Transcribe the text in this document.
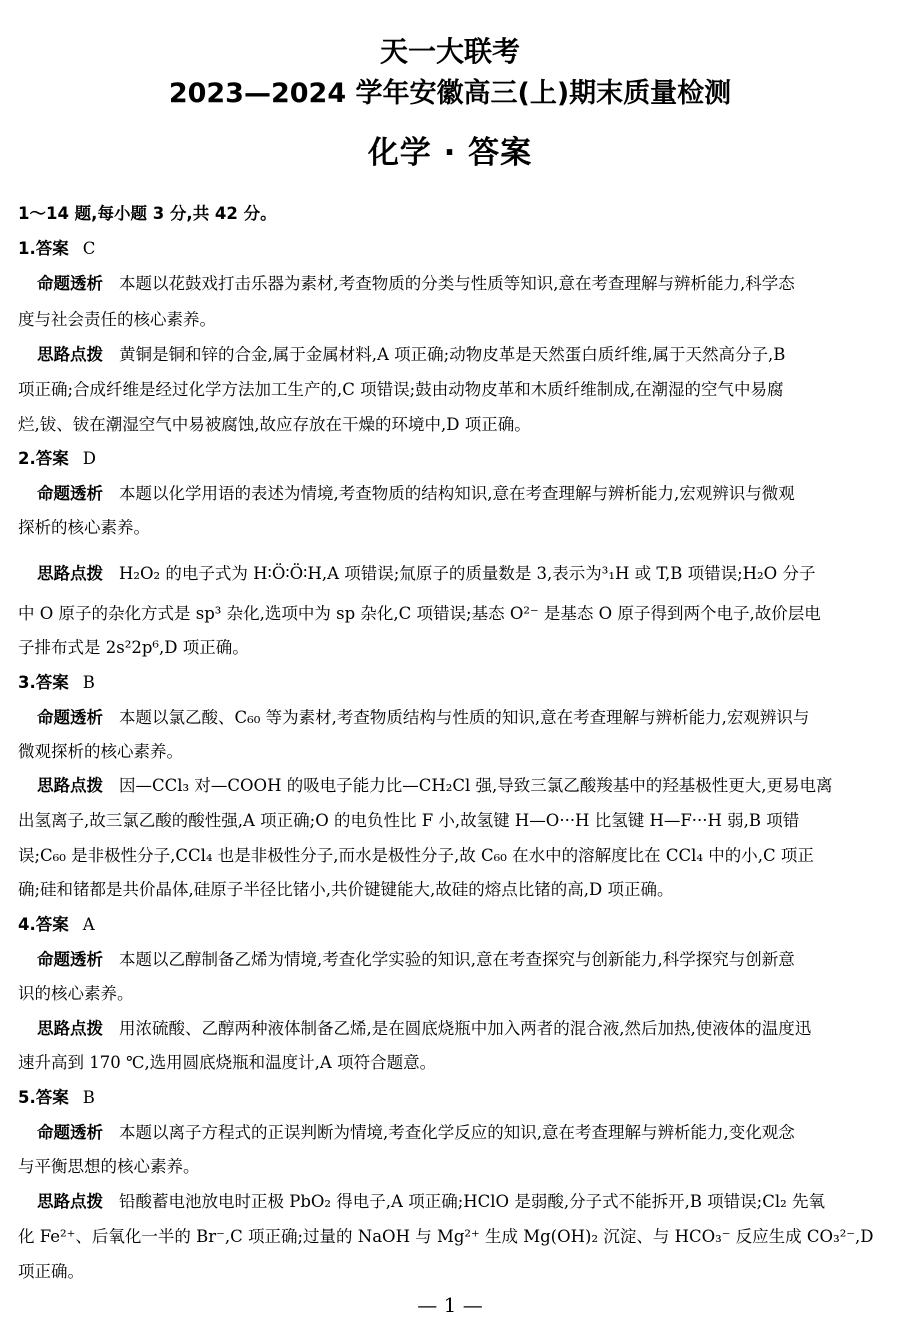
天一大联考
2023—2024 学年安徽高三(上)期末质量检测
化学 · 答案
1～14 题,每小题 3 分,共 42 分。
1.答案 C
命题透析 本题以花鼓戏打击乐器为素材,考查物质的分类与性质等知识,意在考查理解与辨析能力,科学态
度与社会责任的核心素养。
思路点拨 黄铜是铜和锌的合金,属于金属材料,A 项正确;动物皮革是天然蛋白质纤维,属于天然高分子,B
项正确;合成纤维是经过化学方法加工生产的,C 项错误;鼓由动物皮革和木质纤维制成,在潮湿的空气中易腐
烂,钹、钹在潮湿空气中易被腐蚀,故应存放在干燥的环境中,D 项正确。
2.答案 D
命题透析 本题以化学用语的表述为情境,考查物质的结构知识,意在考查理解与辨析能力,宏观辨识与微观
探析的核心素养。
思路点拨 H₂O₂ 的电子式为 H∶Ö∶Ö∶H,A 项错误;氚原子的质量数是 3,表示为³₁H 或 T,B 项错误;H₂O 分子
中 O 原子的杂化方式是 sp³ 杂化,选项中为 sp 杂化,C 项错误;基态 O²⁻ 是基态 O 原子得到两个电子,故价层电
子排布式是 2s²2p⁶,D 项正确。
3.答案 B
命题透析 本题以氯乙酸、C₆₀ 等为素材,考查物质结构与性质的知识,意在考查理解与辨析能力,宏观辨识与
微观探析的核心素养。
思路点拨 因—CCl₃ 对—COOH 的吸电子能力比—CH₂Cl 强,导致三氯乙酸羧基中的羟基极性更大,更易电离
出氢离子,故三氯乙酸的酸性强,A 项正确;O 的电负性比 F 小,故氢键 H—O···H 比氢键 H—F···H 弱,B 项错
误;C₆₀ 是非极性分子,CCl₄ 也是非极性分子,而水是极性分子,故 C₆₀ 在水中的溶解度比在 CCl₄ 中的小,C 项正
确;硅和锗都是共价晶体,硅原子半径比锗小,共价键键能大,故硅的熔点比锗的高,D 项正确。
4.答案 A
命题透析 本题以乙醇制备乙烯为情境,考查化学实验的知识,意在考查探究与创新能力,科学探究与创新意
识的核心素养。
思路点拨 用浓硫酸、乙醇两种液体制备乙烯,是在圆底烧瓶中加入两者的混合液,然后加热,使液体的温度迅
速升高到 170 ℃,选用圆底烧瓶和温度计,A 项符合题意。
5.答案 B
命题透析 本题以离子方程式的正误判断为情境,考查化学反应的知识,意在考查理解与辨析能力,变化观念
与平衡思想的核心素养。
思路点拨 铅酸蓄电池放电时正极 PbO₂ 得电子,A 项正确;HClO 是弱酸,分子式不能拆开,B 项错误;Cl₂ 先氧
化 Fe²⁺、后氧化一半的 Br⁻,C 项正确;过量的 NaOH 与 Mg²⁺ 生成 Mg(OH)₂ 沉淀、与 HCO₃⁻ 反应生成 CO₃²⁻,D
项正确。
— 1 —
